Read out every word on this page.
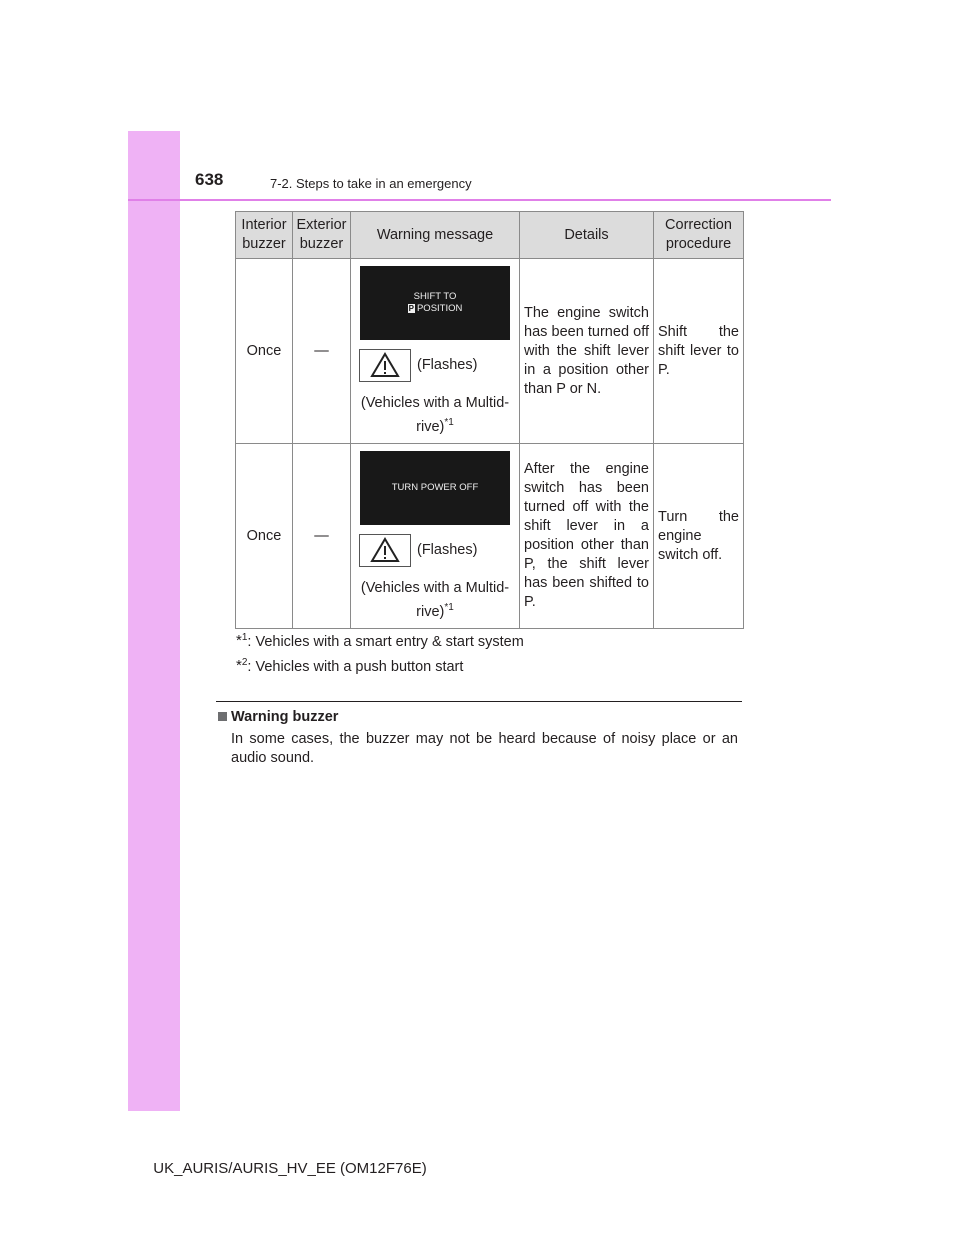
638	7-2. Steps to take in an emergency
Interior buzzer	Exterior buzzer	Warning message	Details	Correction procedure
Once	—	SHIFT TO
P POSITION
(Flashes)
(Vehicles with a Multid-rive)$^{*1}$	The engine switch has been turned off with the shift lever in a position other than P or N.	Shift the shift lever to P.
Once	—	TURN POWER OFF
(Flashes)
(Vehicles with a Multid-rive)$^{*1}$	After the engine switch has been turned off with the shift lever in a position other than P, the shift lever has been shifted to P.	Turn the engine switch off.
*$^1$: Vehicles with a smart entry & start system
*$^2$: Vehicles with a push button start
Warning buzzer
In some cases, the buzzer may not be heard because of noisy place or an audio sound.
UK_AURIS/AURIS_HV_EE (OM12F76E)
